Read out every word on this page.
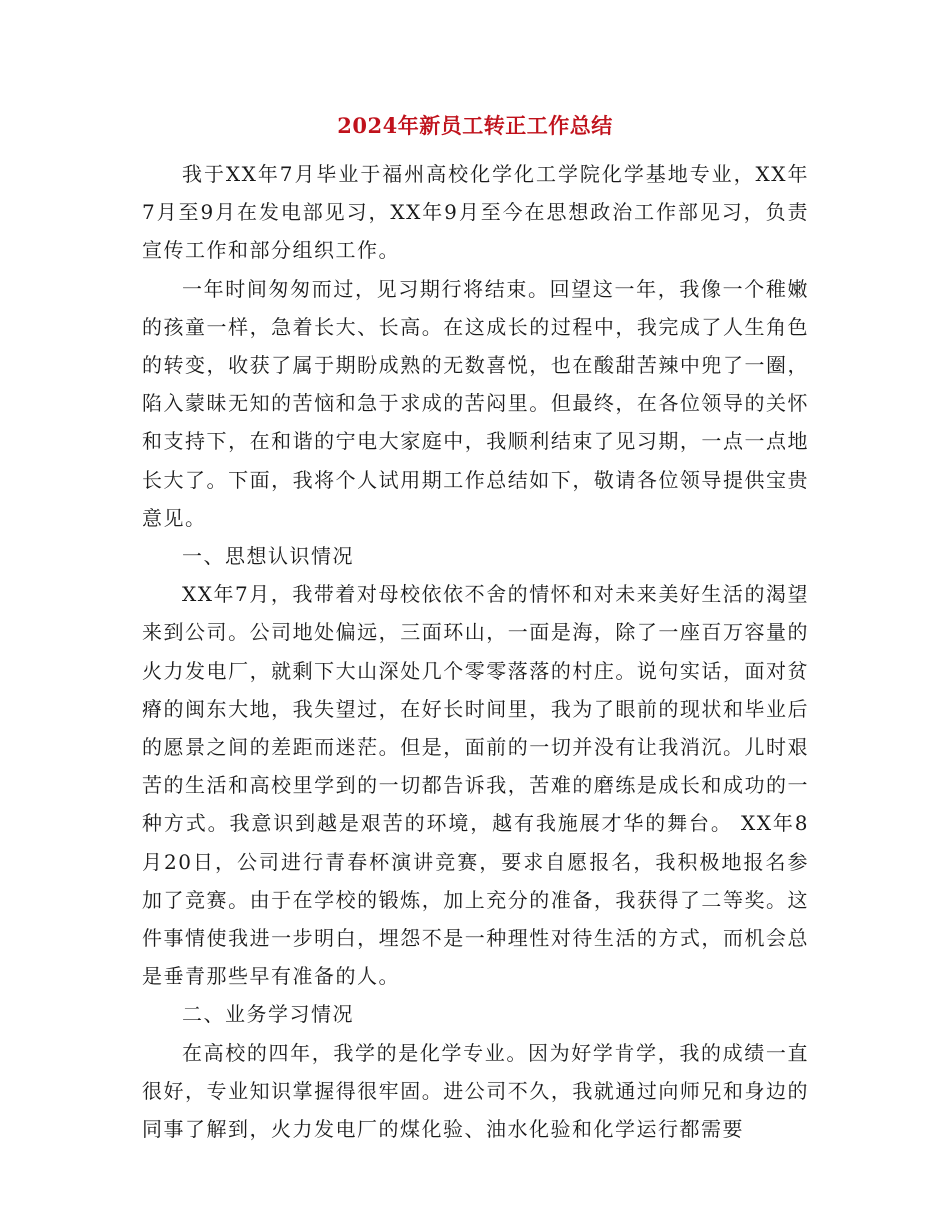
2024年新员工转正工作总结

我于XX年7月毕业于福州高校化学化工学院化学基地专业，XX年7月至9月在发电部见习，XX年9月至今在思想政治工作部见习，负责宣传工作和部分组织工作。

一年时间匆匆而过，见习期行将结束。回望这一年，我像一个稚嫩的孩童一样，急着长大、长高。在这成长的过程中，我完成了人生角色的转变，收获了属于期盼成熟的无数喜悦，也在酸甜苦辣中兜了一圈，陷入蒙昧无知的苦恼和急于求成的苦闷里。但最终，在各位领导的关怀和支持下，在和谐的宁电大家庭中，我顺利结束了见习期，一点一点地长大了。下面，我将个人试用期工作总结如下，敬请各位领导提供宝贵意见。

一、思想认识情况

XX年7月，我带着对母校依依不舍的情怀和对未来美好生活的渴望来到公司。公司地处偏远，三面环山，一面是海，除了一座百万容量的火力发电厂，就剩下大山深处几个零零落落的村庄。说句实话，面对贫瘠的闽东大地，我失望过，在好长时间里，我为了眼前的现状和毕业后的愿景之间的差距而迷茫。但是，面前的一切并没有让我消沉。儿时艰苦的生活和高校里学到的一切都告诉我，苦难的磨练是成长和成功的一种方式。我意识到越是艰苦的环境，越有我施展才华的舞台。 XX年8月20日，公司进行青春杯演讲竞赛，要求自愿报名，我积极地报名参加了竞赛。由于在学校的锻炼，加上充分的准备，我获得了二等奖。这件事情使我进一步明白，埋怨不是一种理性对待生活的方式，而机会总是垂青那些早有准备的人。

二、业务学习情况

在高校的四年，我学的是化学专业。因为好学肯学，我的成绩一直很好，专业知识掌握得很牢固。进公司不久，我就通过向师兄和身边的同事了解到，火力发电厂的煤化验、油水化验和化学运行都需要
